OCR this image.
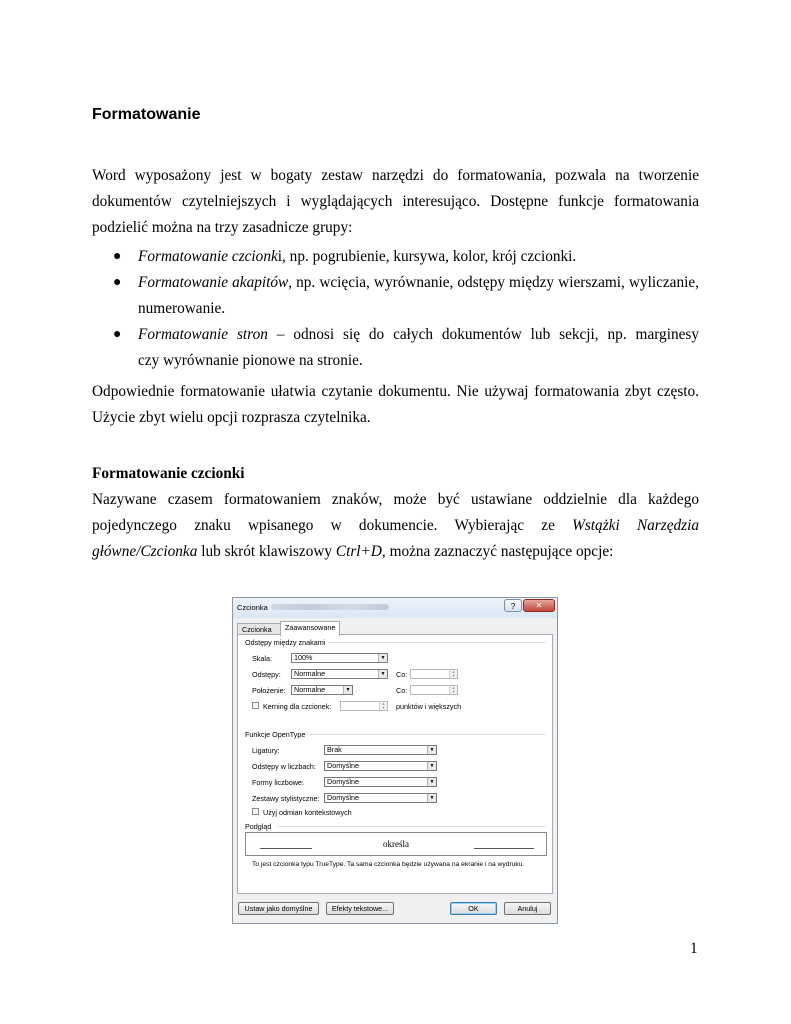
Formatowanie
Word wyposażony jest w bogaty zestaw narzędzi do formatowania, pozwala na tworzenie
dokumentów czytelniejszych i wyglądających interesująco. Dostępne funkcje formatowania
podzielić można na trzy zasadnicze grupy:
● Formatowanie czcionki, np. pogrubienie, kursywa, kolor, krój czcionki.
● Formatowanie akapitów, np. wcięcia, wyrównanie, odstępy między wierszami, wyliczanie,
numerowanie.
● Formatowanie stron – odnosi się do całych dokumentów lub sekcji, np. marginesy
czy wyrównanie pionowe na stronie.
Odpowiednie formatowanie ułatwia czytanie dokumentu. Nie używaj formatowania zbyt często.
Użycie zbyt wielu opcji rozprasza czytelnika.
Formatowanie czcionki
Nazywane czasem formatowaniem znaków, może być ustawiane oddzielnie dla każdego
pojedynczego znaku wpisanego w dokumencie. Wybierając ze Wstążki Narzędzia
główne/Czcionka lub skrót klawiszowy Ctrl+D, można zaznaczyć następujące opcje:
Czcionka	?	✕
Czcionka	Zaawansowane
Odstępy między znakami
Skala:	100%	▼
Odstępy:	Normalne	▼ Co:	▲
▼
Położenie:	Normalne	▼	Co:	▲
▼
Kerning dla czcionek:	▲
▼ punktów i większych
Funkcje OpenType
Ligatury:	Brak	▼
Odstępy w liczbach:	Domyślne	▼
Formy liczbowe:	Domyślne	▼
Zestawy stylistyczne:	Domyślne	▼
Użyj odmian kontekstowych
Podgląd
określa
To jest czcionka typu TrueType. Ta sama czcionka będzie używana na ekranie i na wydruku.
Ustaw jako domyślne	Efekty tekstowe...	OK	Anuluj
1
